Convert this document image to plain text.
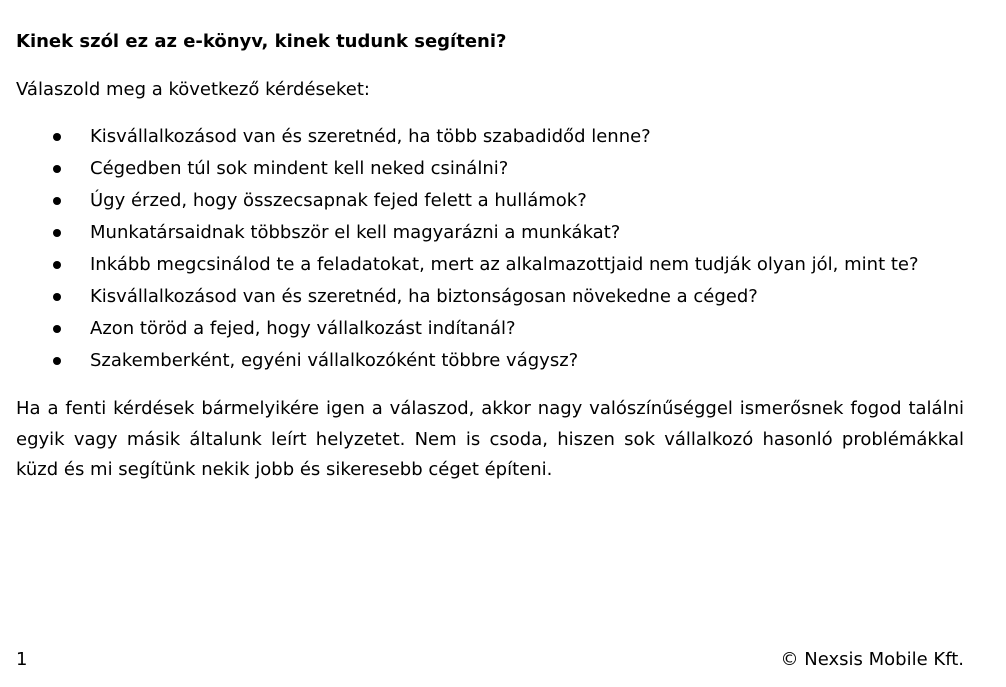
Kinek szól ez az e-könyv, kinek tudunk segíteni?
Válaszold meg a következő kérdéseket:
Kisvállalkozásod van és szeretnéd, ha több szabadidőd lenne?
Cégedben túl sok mindent kell neked csinálni?
Úgy érzed, hogy összecsapnak fejed felett a hullámok?
Munkatársaidnak többször el kell magyarázni a munkákat?
Inkább megcsinálod te a feladatokat, mert az alkalmazottjaid nem tudják olyan jól, mint te?
Kisvállalkozásod van és szeretnéd, ha biztonságosan növekedne a céged?
Azon töröd a fejed, hogy vállalkozást indítanál?
Szakemberként, egyéni vállalkozóként többre vágysz?

Ha a fenti kérdések bármelyikére igen a válaszod, akkor nagy valószínűséggel ismerősnek fogod találni egyik vagy másik általunk leírt helyzetet. Nem is csoda, hiszen sok vállalkozó hasonló problémákkal küzd és mi segítünk nekik jobb és sikeresebb céget építeni.

1	© Nexsis Mobile Kft.
